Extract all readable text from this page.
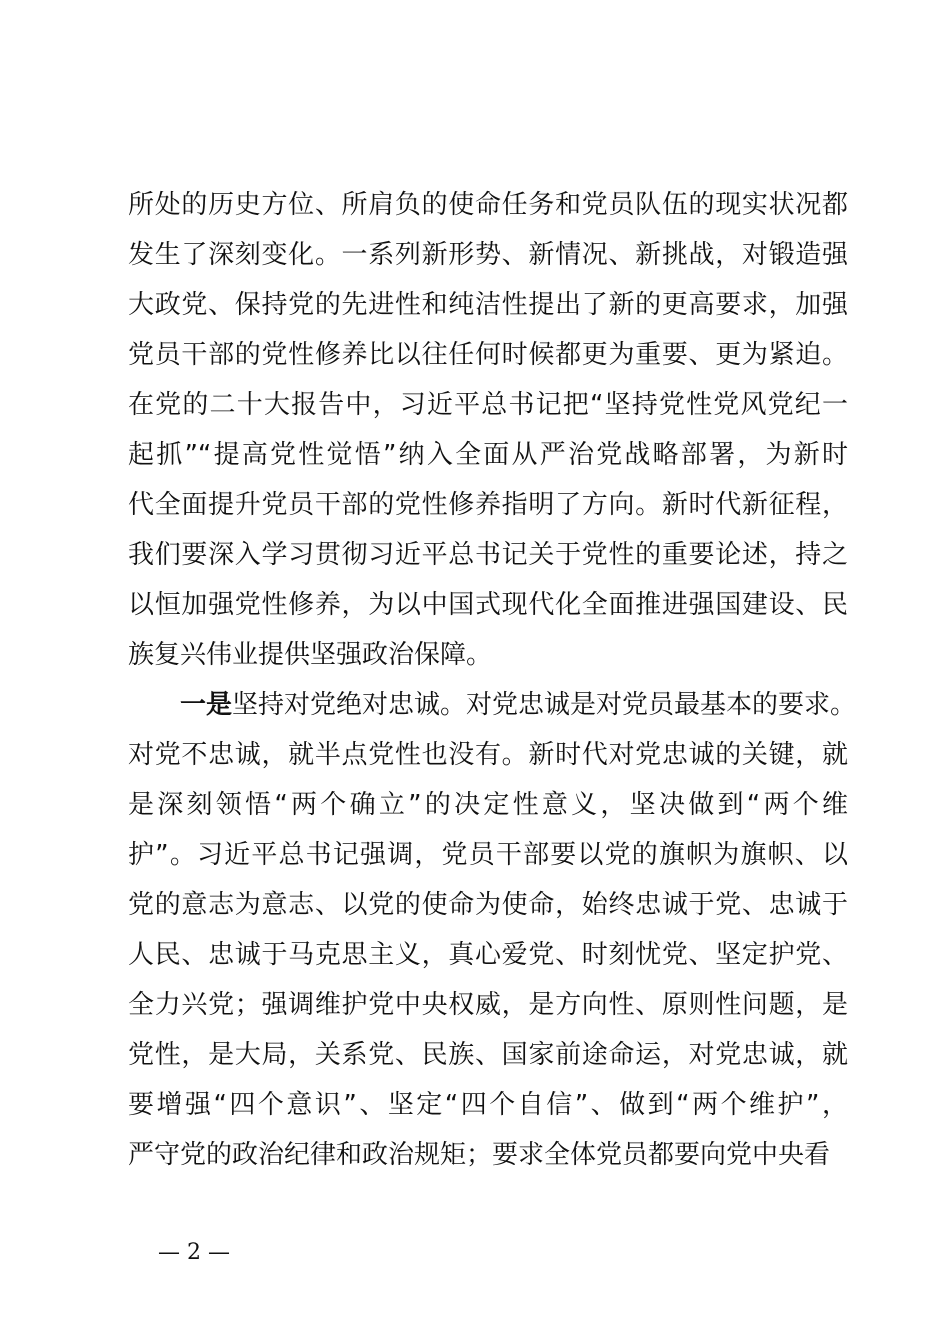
所处的历史方位、所肩负的使命任务和党员队伍的现实状况都
发生了深刻变化。一系列新形势、新情况、新挑战，对锻造强
大政党、保持党的先进性和纯洁性提出了新的更高要求，加强
党员干部的党性修养比以往任何时候都更为重要、更为紧迫。
在党的二十大报告中，习近平总书记把“坚持党性党风党纪一
起抓”“提高党性觉悟”纳入全面从严治党战略部署，为新时
代全面提升党员干部的党性修养指明了方向。新时代新征程，
我们要深入学习贯彻习近平总书记关于党性的重要论述，持之
以恒加强党性修养，为以中国式现代化全面推进强国建设、民
族复兴伟业提供坚强政治保障。
一是坚持对党绝对忠诚。对党忠诚是对党员最基本的要求。
对党不忠诚，就半点党性也没有。新时代对党忠诚的关键，就
是深刻领悟“两个确立”的决定性意义，坚决做到“两个维
护”。习近平总书记强调，党员干部要以党的旗帜为旗帜、以
党的意志为意志、以党的使命为使命，始终忠诚于党、忠诚于
人民、忠诚于马克思主义，真心爱党、时刻忧党、坚定护党、
全力兴党；强调维护党中央权威，是方向性、原则性问题，是
党性，是大局，关系党、民族、国家前途命运，对党忠诚，就
要增强“四个意识”、坚定“四个自信”、做到“两个维护”，
严守党的政治纪律和政治规矩；要求全体党员都要向党中央看
— 2 —
